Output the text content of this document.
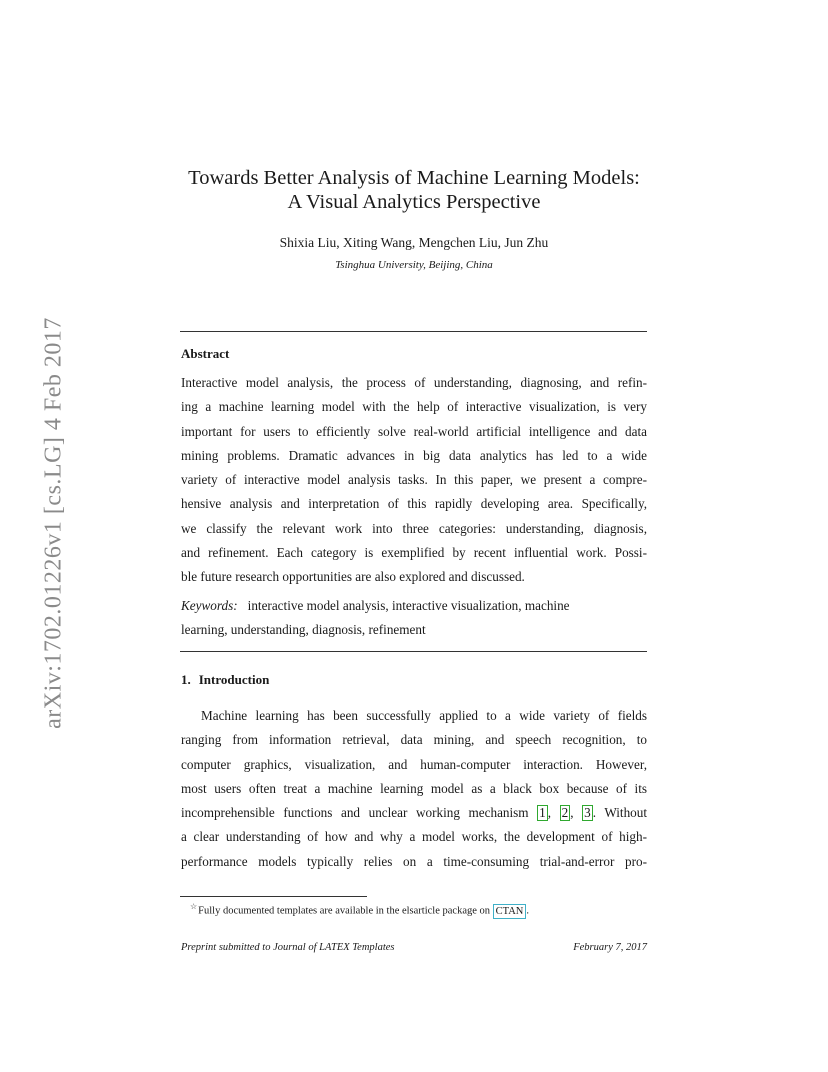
arXiv:1702.01226v1 [cs.LG] 4 Feb 2017
Towards Better Analysis of Machine Learning Models:
A Visual Analytics Perspective
Shixia Liu, Xiting Wang, Mengchen Liu, Jun Zhu
Tsinghua University, Beijing, China
Abstract
Interactive model analysis, the process of understanding, diagnosing, and refin-
ing a machine learning model with the help of interactive visualization, is very
important for users to efficiently solve real-world artificial intelligence and data
mining problems. Dramatic advances in big data analytics has led to a wide
variety of interactive model analysis tasks. In this paper, we present a compre-
hensive analysis and interpretation of this rapidly developing area. Specifically,
we classify the relevant work into three categories: understanding, diagnosis,
and refinement. Each category is exemplified by recent influential work. Possi-
ble future research opportunities are also explored and discussed.
Keywords: interactive model analysis, interactive visualization, machine
learning, understanding, diagnosis, refinement
1. Introduction
Machine learning has been successfully applied to a wide variety of fields
ranging from information retrieval, data mining, and speech recognition, to
computer graphics, visualization, and human-computer interaction. However,
most users often treat a machine learning model as a black box because of its
incomprehensible functions and unclear working mechanism 1 , 2 , 3 . Without
a clear understanding of how and why a model works, the development of high-
performance models typically relies on a time-consuming trial-and-error pro-
☆Fully documented templates are available in the elsarticle package on CTAN .
Preprint submitted to Journal of LATEX Templates	February 7, 2017
